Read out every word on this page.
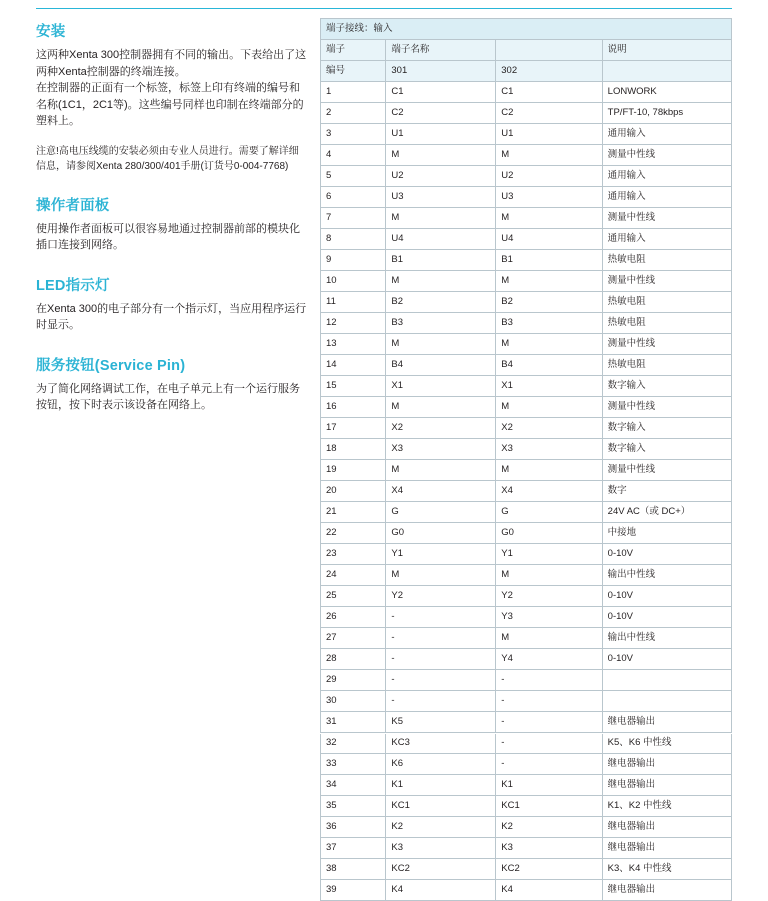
安装

这两种Xenta 300控制器拥有不同的输出。下表给出了这两种Xenta控制器的终端连接。

在控制器的正面有一个标签，标签上印有终端的编号和名称(1C1，2C1等)。这些编号同样也印制在终端部分的塑料上。

注意!高电压线缆的安装必须由专业人员进行。需要了解详细信息，请参阅Xenta 280/300/401手册(订货号0-004-7768)

操作者面板

使用操作者面板可以很容易地通过控制器前部的模块化插口连接到网络。

LED指示灯

在Xenta 300的电子部分有一个指示灯，当应用程序运行时显示。

服务按钮(Service Pin)

为了简化网络调试工作，在电子单元上有一个运行服务按钮，按下时表示该设备在网络上。

端子接线：输入			
端子	端子名称		说明
编号	301	302	
1	C1	C1	LONWORK
2	C2	C2	TP/FT-10, 78kbps
3	U1	U1	通用输入
4	M	M	测量中性线
5	U2	U2	通用输入
6	U3	U3	通用输入
7	M	M	测量中性线
8	U4	U4	通用输入
9	B1	B1	热敏电阻
10	M	M	测量中性线
11	B2	B2	热敏电阻
12	B3	B3	热敏电阻
13	M	M	测量中性线
14	B4	B4	热敏电阻
15	X1	X1	数字输入
16	M	M	测量中性线
17	X2	X2	数字输入
18	X3	X3	数字输入
19	M	M	测量中性线
20	X4	X4	数字
21	G	G	24V AC（或 DC+）
22	G0	G0	中接地
23	Y1	Y1	0-10V
24	M	M	输出中性线
25	Y2	Y2	0-10V
26	-	Y3	0-10V
27	-	M	输出中性线
28	-	Y4	0-10V
29	-	-	
30	-	-	
31	K5	-	继电器输出
32	KC3	-	K5、K6 中性线
33	K6	-	继电器输出
34	K1	K1	继电器输出
35	KC1	KC1	K1、K2 中性线
36	K2	K2	继电器输出
37	K3	K3	继电器输出
38	KC2	KC2	K3、K4 中性线
39	K4	K4	继电器输出
